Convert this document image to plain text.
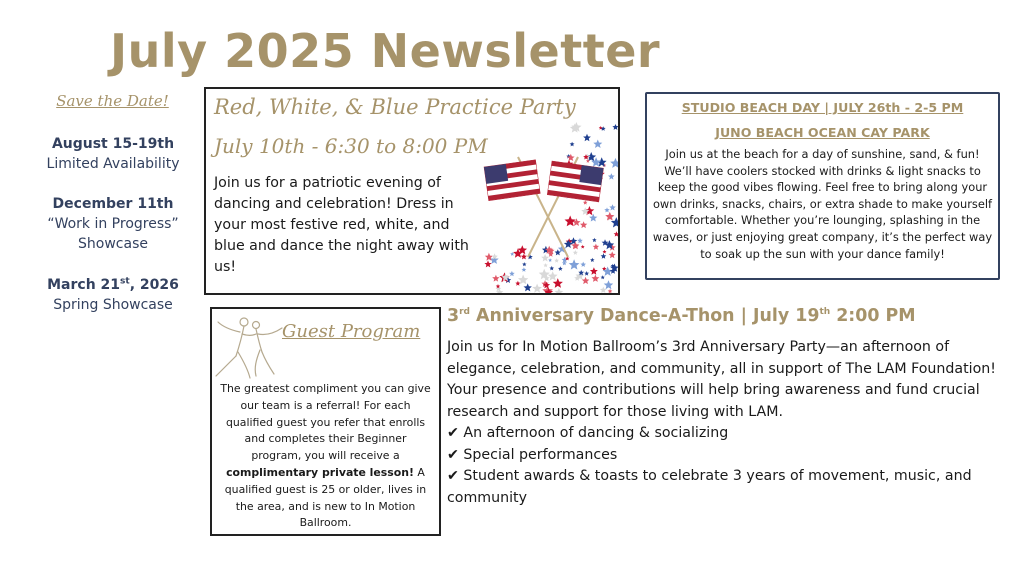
July 2025 Newsletter
Save the Date!
August 15-19th
Limited Availability
December 11th
“Work in Progress”
Showcase
March 21st, 2026
Spring Showcase
Red, White, & Blue Practice Party
July 10th - 6:30 to 8:00 PM
Join us for a patriotic evening of dancing and celebration! Dress in your most festive red, white, and blue and dance the night away with us!
STUDIO BEACH DAY | JULY 26th - 2-5 PM
JUNO BEACH OCEAN CAY PARK
Join us at the beach for a day of sunshine, sand, & fun! We’ll have coolers stocked with drinks & light snacks to keep the good vibes flowing. Feel free to bring along your own drinks, snacks, chairs, or extra shade to make yourself comfortable. Whether you’re lounging, splashing in the waves, or just enjoying great company, it’s the perfect way to soak up the sun with your dance family!
Guest Program
The greatest compliment you can give our team is a referral! For each qualified guest you refer that enrolls and completes their Beginner program, you will receive a complimentary private lesson! A qualified guest is 25 or older, lives in the area, and is new to In Motion Ballroom.
3rd Anniversary Dance-A-Thon | July 19th 2:00 PM
Join us for In Motion Ballroom’s 3rd Anniversary Party—an afternoon of elegance, celebration, and community, all in support of The LAM Foundation! Your presence and contributions will help bring awareness and fund crucial research and support for those living with LAM.
✔ An afternoon of dancing & socializing
✔ Special performances
✔ Student awards & toasts to celebrate 3 years of movement, music, and community
